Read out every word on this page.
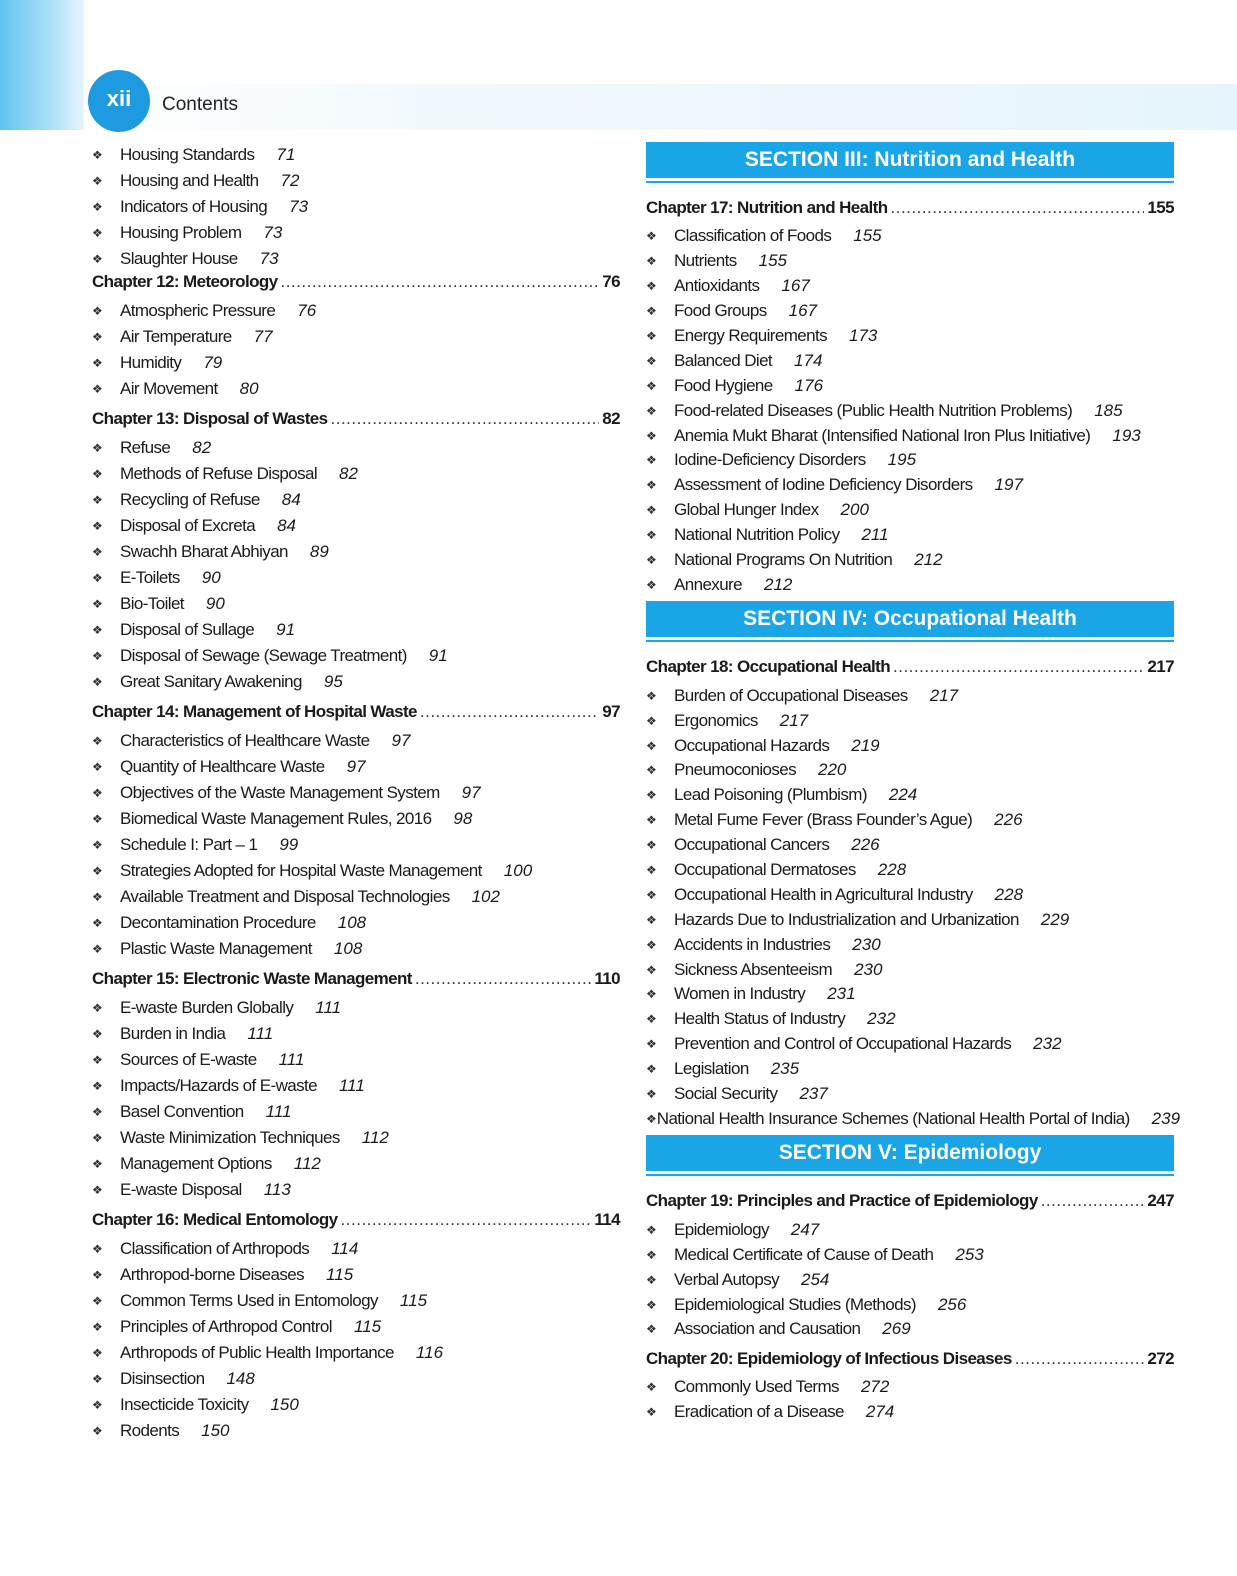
xii	Contents
❖	Housing Standards 71
❖	Housing and Health 72
❖	Indicators of Housing 73
❖	Housing Problem 73
❖	Slaughter House 73
Chapter 12: Meteorology .....	76
❖	Atmospheric Pressure 76
❖	Air Temperature 77
❖	Humidity 79
❖	Air Movement 80
Chapter 13: Disposal of Wastes .....	82
❖	Refuse 82
❖	Methods of Refuse Disposal 82
❖	Recycling of Refuse 84
❖	Disposal of Excreta 84
❖	Swachh Bharat Abhiyan 89
❖	E-Toilets 90
❖	Bio-Toilet 90
❖	Disposal of Sullage 91
❖	Disposal of Sewage (Sewage Treatment) 91
❖	Great Sanitary Awakening 95
Chapter 14: Management of Hospital Waste .....	97
❖	Characteristics of Healthcare Waste 97
❖	Quantity of Healthcare Waste 97
❖	Objectives of the Waste Management System 97
❖	Biomedical Waste Management Rules, 2016 98
❖	Schedule I: Part – 1 99
❖	Strategies Adopted for Hospital Waste Management 100
❖	Available Treatment and Disposal Technologies 102
❖	Decontamination Procedure 108
❖	Plastic Waste Management 108
Chapter 15: Electronic Waste Management .....	110
❖	E-waste Burden Globally 111
❖	Burden in India 111
❖	Sources of E-waste 111
❖	Impacts/Hazards of E-waste 111
❖	Basel Convention 111
❖	Waste Minimization Techniques 112
❖	Management Options 112
❖	E-waste Disposal 113
Chapter 16: Medical Entomology .....	114
❖	Classification of Arthropods 114
❖	Arthropod-borne Diseases 115
❖	Common Terms Used in Entomology 115
❖	Principles of Arthropod Control 115
❖	Arthropods of Public Health Importance 116
❖	Disinsection 148
❖	Insecticide Toxicity 150
❖	Rodents 150
SECTION III: Nutrition and Health
Chapter 17: Nutrition and Health .....	155
❖	Classification of Foods 155
❖	Nutrients 155
❖	Antioxidants 167
❖	Food Groups 167
❖	Energy Requirements 173
❖	Balanced Diet 174
❖	Food Hygiene 176
❖	Food-related Diseases (Public Health Nutrition Problems) 185
❖	Anemia Mukt Bharat (Intensified National Iron Plus Initiative) 193
❖	Iodine-Deficiency Disorders 195
❖	Assessment of Iodine Deficiency Disorders 197
❖	Global Hunger Index 200
❖	National Nutrition Policy 211
❖	National Programs On Nutrition 212
❖	Annexure 212
SECTION IV: Occupational Health
Chapter 18: Occupational Health .....	217
❖	Burden of Occupational Diseases 217
❖	Ergonomics 217
❖	Occupational Hazards 219
❖	Pneumoconioses 220
❖	Lead Poisoning (Plumbism) 224
❖	Metal Fume Fever (Brass Founder’s Ague) 226
❖	Occupational Cancers 226
❖	Occupational Dermatoses 228
❖	Occupational Health in Agricultural Industry 228
❖	Hazards Due to Industrialization and Urbanization 229
❖	Accidents in Industries 230
❖	Sickness Absenteeism 230
❖	Women in Industry 231
❖	Health Status of Industry 232
❖	Prevention and Control of Occupational Hazards 232
❖	Legislation 235
❖	Social Security 237
❖ National Health Insurance Schemes (National Health Portal of India) 239
SECTION V: Epidemiology
Chapter 19: Principles and Practice of Epidemiology .....	247
❖	Epidemiology 247
❖	Medical Certificate of Cause of Death 253
❖	Verbal Autopsy 254
❖	Epidemiological Studies (Methods) 256
❖	Association and Causation 269
Chapter 20: Epidemiology of Infectious Diseases .....	272
❖	Commonly Used Terms 272
❖	Eradication of a Disease 274
